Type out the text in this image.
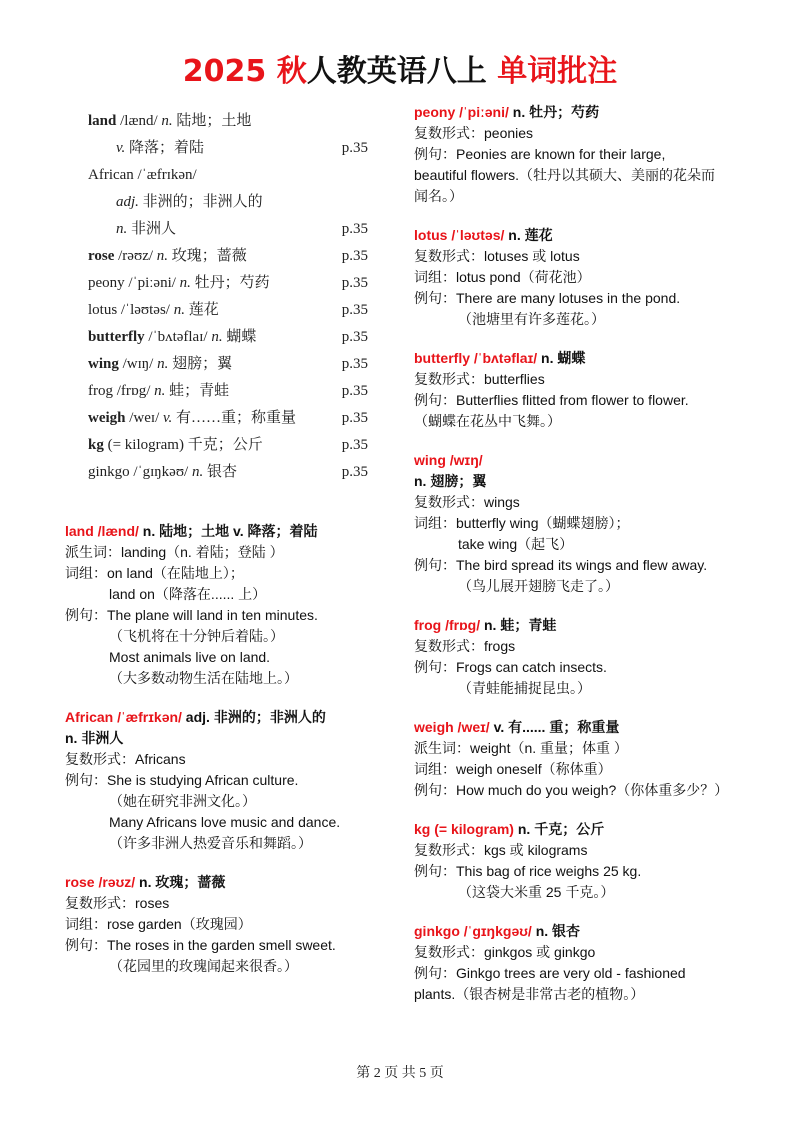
2025 秋人教英语八上 单词批注
land /lænd/ n. 陆地；土地
v. 降落；着陆	p.35
African /ˈæfrɪkən/
adj. 非洲的；非洲人的
n. 非洲人	p.35
rose /rəʊz/ n. 玫瑰；蔷薇	p.35
peony /ˈpiːəni/ n. 牡丹；芍药	p.35
lotus /ˈləʊtəs/ n. 莲花	p.35
butterfly /ˈbʌtəflaɪ/ n. 蝴蝶	p.35
wing /wɪŋ/ n. 翅膀；翼	p.35
frog /frɒg/ n. 蛙；青蛙	p.35
weigh /weɪ/ v. 有……重；称重量	p.35
kg (= kilogram) 千克；公斤	p.35
ginkgo /ˈgɪŋkəʊ/ n. 银杏	p.35
land /lænd/ n. 陆地；土地 v. 降落；着陆
派生词：landing（n. 着陆；登陆 ）
词组：on land（在陆地上）；
land on（降落在...... 上）
例句：The plane will land in ten minutes.
（飞机将在十分钟后着陆。）
Most animals live on land.
（大多数动物生活在陆地上。）
African /ˈæfrɪkən/ adj. 非洲的；非洲人的
n. 非洲人
复数形式：Africans
例句：She is studying African culture.
（她在研究非洲文化。）
Many Africans love music and dance.
（许多非洲人热爱音乐和舞蹈。）
rose /rəʊz/ n. 玫瑰；蔷薇
复数形式：roses
词组：rose garden（玫瑰园）
例句：The roses in the garden smell sweet.
（花园里的玫瑰闻起来很香。）
peony /ˈpiːəni/ n. 牡丹；芍药
复数形式：peonies
例句：Peonies are known for their large,
beautiful flowers.（牡丹以其硕大、美丽的花朵而
闻名。）
lotus /ˈləʊtəs/ n. 莲花
复数形式：lotuses 或 lotus
词组：lotus pond（荷花池）
例句：There are many lotuses in the pond.
（池塘里有许多莲花。）
butterfly /ˈbʌtəflaɪ/ n. 蝴蝶
复数形式：butterflies
例句：Butterflies flitted from flower to flower.
（蝴蝶在花丛中飞舞。）
wing /wɪŋ/
n. 翅膀；翼
复数形式：wings
词组：butterfly wing（蝴蝶翅膀）；
take wing（起飞）
例句：The bird spread its wings and flew away.
（鸟儿展开翅膀飞走了。）
frog /frɒg/ n. 蛙；青蛙
复数形式：frogs
例句：Frogs can catch insects.
（青蛙能捕捉昆虫。）
weigh /weɪ/ v. 有...... 重；称重量
派生词：weight（n. 重量；体重 ）
词组：weigh oneself（称体重）
例句：How much do you weigh?（你体重多少？）
kg (= kilogram) n. 千克；公斤
复数形式：kgs 或 kilograms
例句：This bag of rice weighs 25 kg.
（这袋大米重 25 千克。）
ginkgo /ˈgɪŋkgəʊ/ n. 银杏
复数形式：ginkgos 或 ginkgo
例句：Ginkgo trees are very old - fashioned
plants.（银杏树是非常古老的植物。）
第 2 页 共 5 页
